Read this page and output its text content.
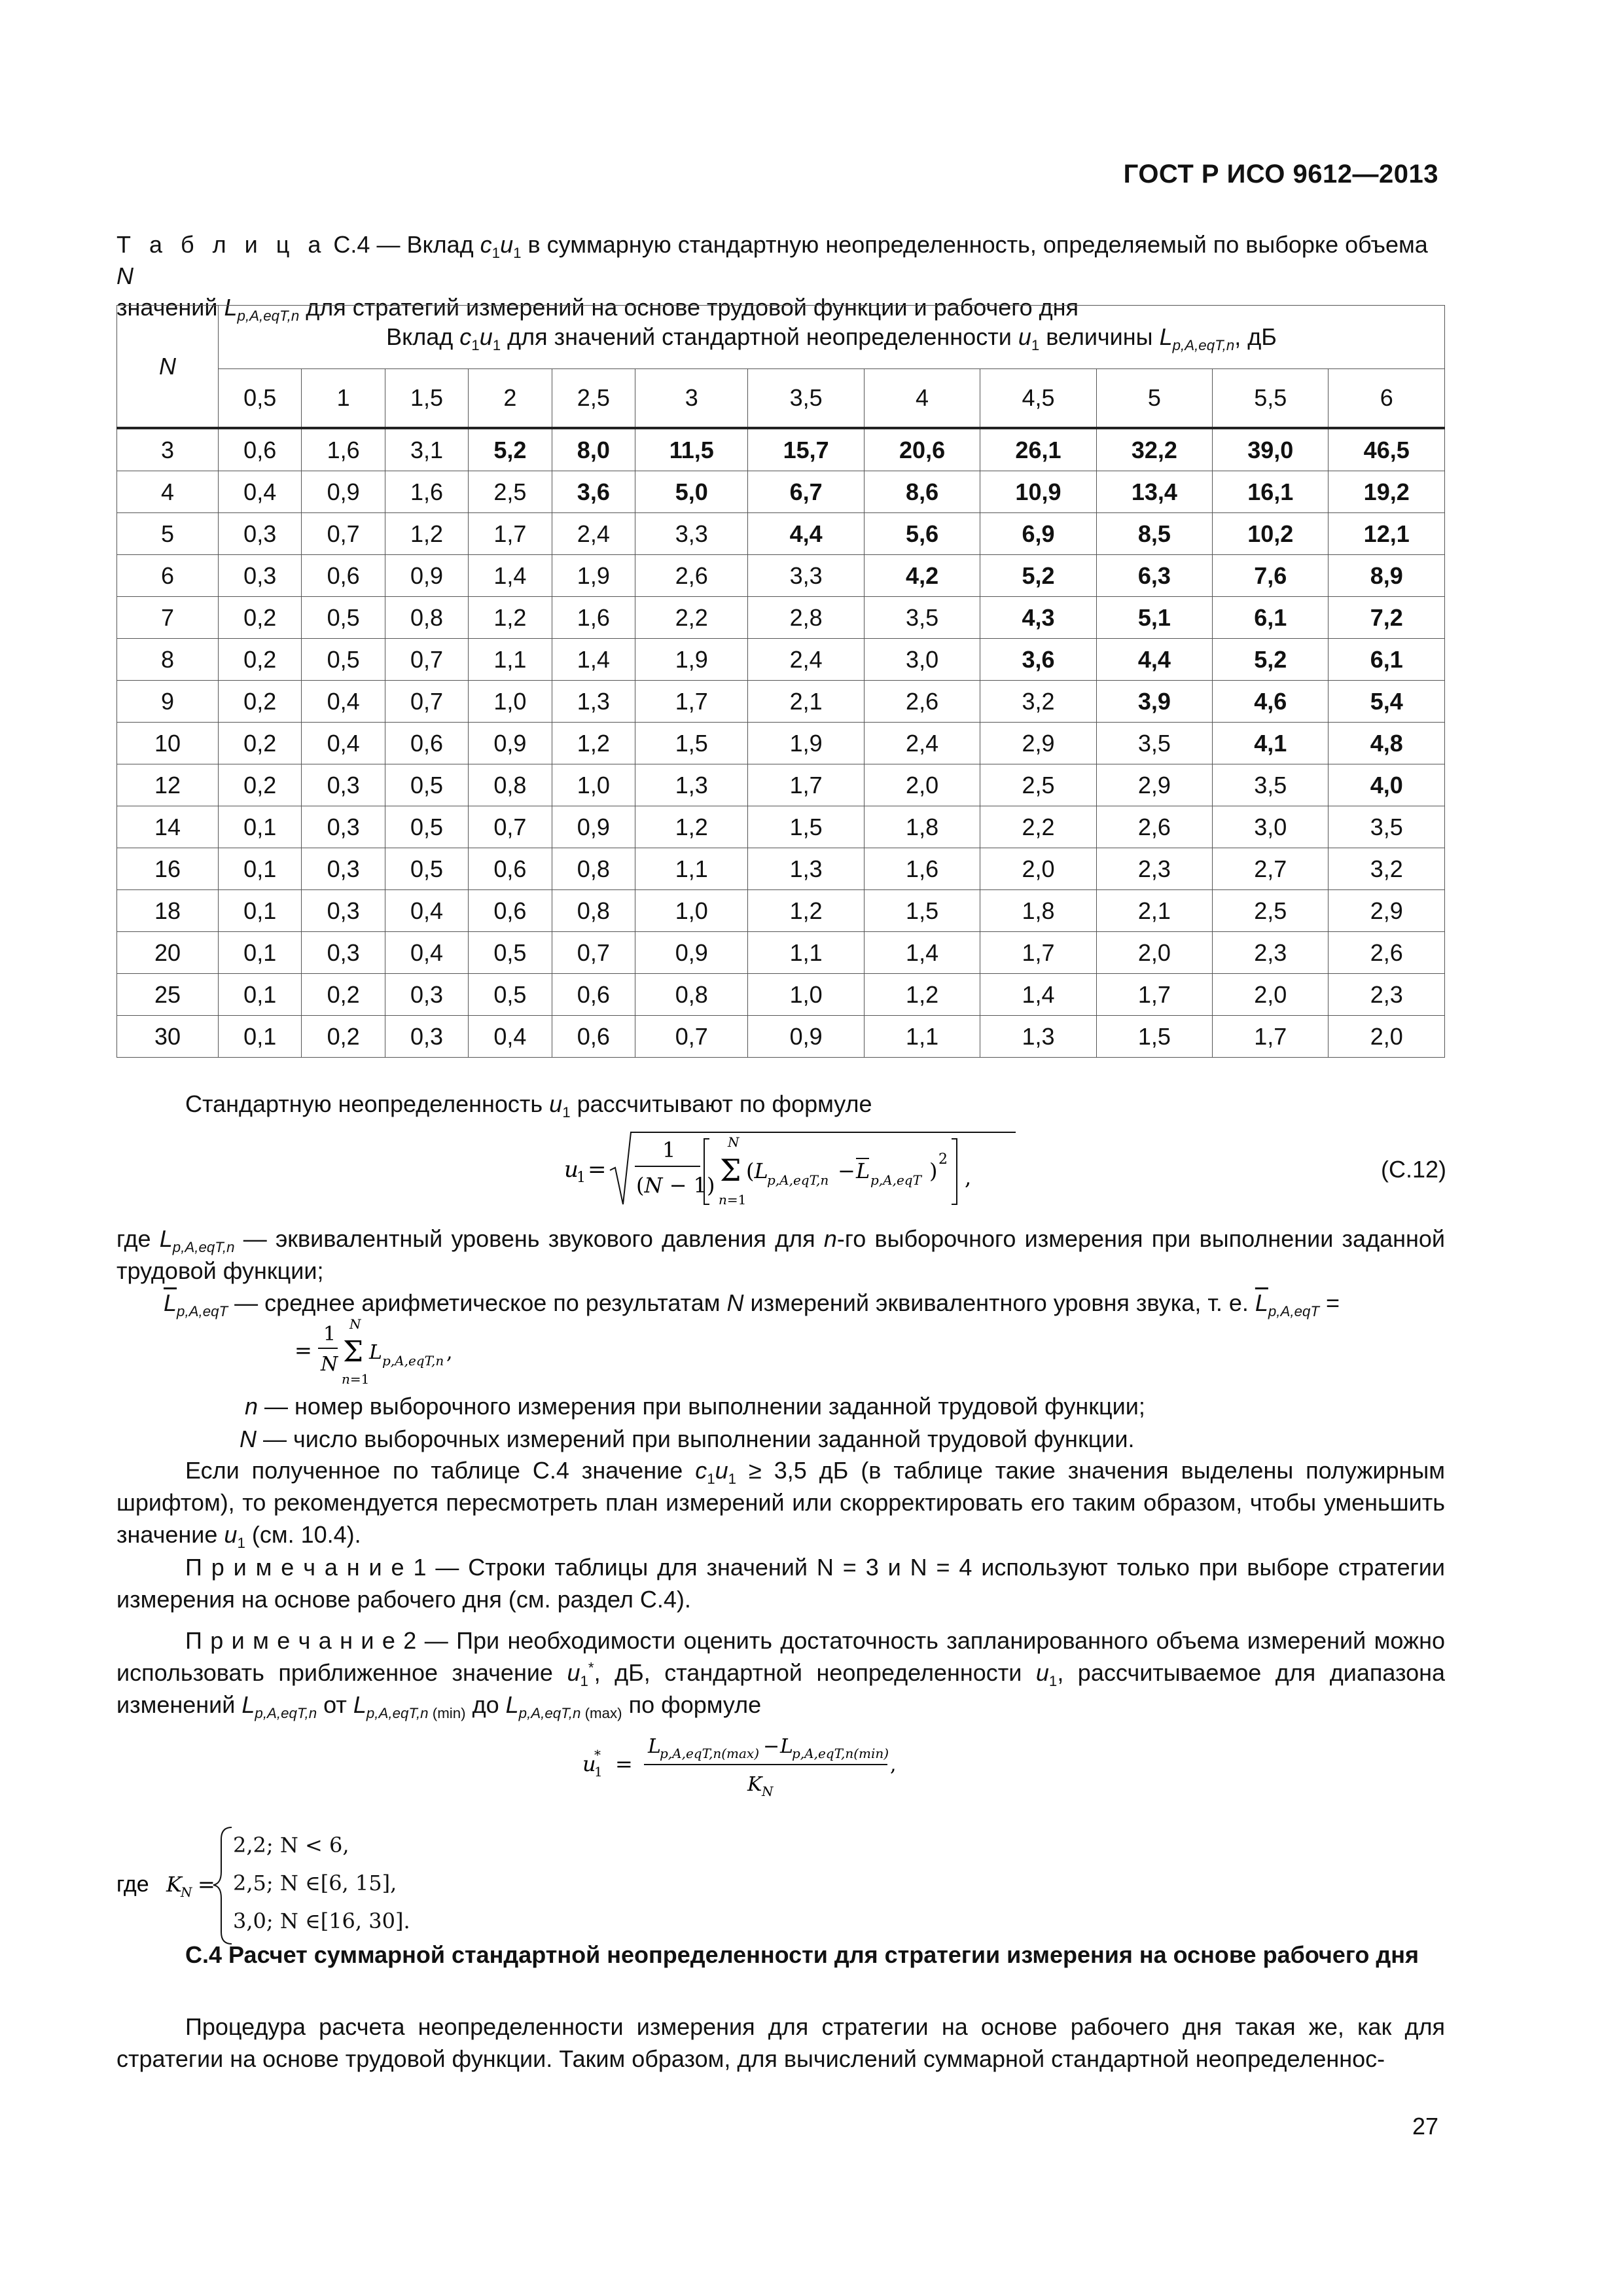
ГОСТ Р ИСО 9612—2013
Т а б л и ц а С.4 — Вклад $c_1u_1$ в суммарную стандартную неопределенность, определяемый по выборке объема N
значений $L_{p,A,eqT,n}$ для стратегий измерений на основе трудовой функции и рабочего дня
N	Вклад $c_1u_1$ для значений стандартной неопределенности $u_1$ величины $L_{p,A,eqT,n}$, дБ											
	0,5	1	1,5	2	2,5	3	3,5	4	4,5	5	5,5	6
3	0,6	1,6	3,1	5,2	8,0	11,5	15,7	20,6	26,1	32,2	39,0	46,5
4	0,4	0,9	1,6	2,5	3,6	5,0	6,7	8,6	10,9	13,4	16,1	19,2
5	0,3	0,7	1,2	1,7	2,4	3,3	4,4	5,6	6,9	8,5	10,2	12,1
6	0,3	0,6	0,9	1,4	1,9	2,6	3,3	4,2	5,2	6,3	7,6	8,9
7	0,2	0,5	0,8	1,2	1,6	2,2	2,8	3,5	4,3	5,1	6,1	7,2
8	0,2	0,5	0,7	1,1	1,4	1,9	2,4	3,0	3,6	4,4	5,2	6,1
9	0,2	0,4	0,7	1,0	1,3	1,7	2,1	2,6	3,2	3,9	4,6	5,4
10	0,2	0,4	0,6	0,9	1,2	1,5	1,9	2,4	2,9	3,5	4,1	4,8
12	0,2	0,3	0,5	0,8	1,0	1,3	1,7	2,0	2,5	2,9	3,5	4,0
14	0,1	0,3	0,5	0,7	0,9	1,2	1,5	1,8	2,2	2,6	3,0	3,5
16	0,1	0,3	0,5	0,6	0,8	1,1	1,3	1,6	2,0	2,3	2,7	3,2
18	0,1	0,3	0,4	0,6	0,8	1,0	1,2	1,5	1,8	2,1	2,5	2,9
20	0,1	0,3	0,4	0,5	0,7	0,9	1,1	1,4	1,7	2,0	2,3	2,6
25	0,1	0,2	0,3	0,5	0,6	0,8	1,0	1,2	1,4	1,7	2,0	2,3
30	0,1	0,2	0,3	0,4	0,6	0,7	0,9	1,1	1,3	1,5	1,7	2,0
Стандартную неопределенность $u_1$ рассчитывают по формуле
u
1 =
1
(N − 1)
N
Σ
n=1
(L
p,A,eqT,n − L p,A,eqT ) 2
,	(С.12)
где $L_{p,A,eqT,n}$ — эквивалентный уровень звукового давления для n-го выборочного измерения при выполнении заданной трудовой функции;
$\overline{L}_{p,A,eqT}$ — среднее арифметическое по результатам N измерений эквивалентного уровня звука, т. е. $\overline{L}_{p,A,eqT}$ =
=
1
N
N
Σ
n=1
L p,A,eqT,n ,
n — номер выборочного измерения при выполнении заданной трудовой функции;
N — число выборочных измерений при выполнении заданной трудовой функции.
Если полученное по таблице С.4 значение $c_1u_1 \ge 3,5$ дБ (в таблице такие значения выделены полужирным шрифтом), то рекомендуется пересмотреть план измерений или скорректировать его таким образом, чтобы уменьшить значение $u_1$ (см. 10.4).
П р и м е ч а н и е 1 — Строки таблицы для значений N = 3 и N = 4 используют только при выборе стратегии измерения на основе рабочего дня (см. раздел С.4).
П р и м е ч а н и е 2 — При необходимости оценить достаточность запланированного объема измерений можно использовать приближенное значение $u_1^*$, дБ, стандартной неопределенности $u_1$, рассчитываемое для диапазона изменений $L_{p,A,eqT,n}$ от $L_{p,A,eqT,n (min)}$ до $L_{p,A,eqT,n (max)}$ по формуле
u
1
* =
L
p,A,eqT,n(max) − L
p,A,eqT,n(min)
K N
,
где K
N =
2,2; N < 6,
2,5; N ∈[6, 15],
3,0; N ∈[16, 30].
С.4 Расчет суммарной стандартной неопределенности для стратегии измерения на основе рабочего дня
Процедура расчета неопределенности измерения для стратегии на основе рабочего дня такая же, как для стратегии на основе трудовой функции. Таким образом, для вычислений суммарной стандартной неопределеннос-
27
